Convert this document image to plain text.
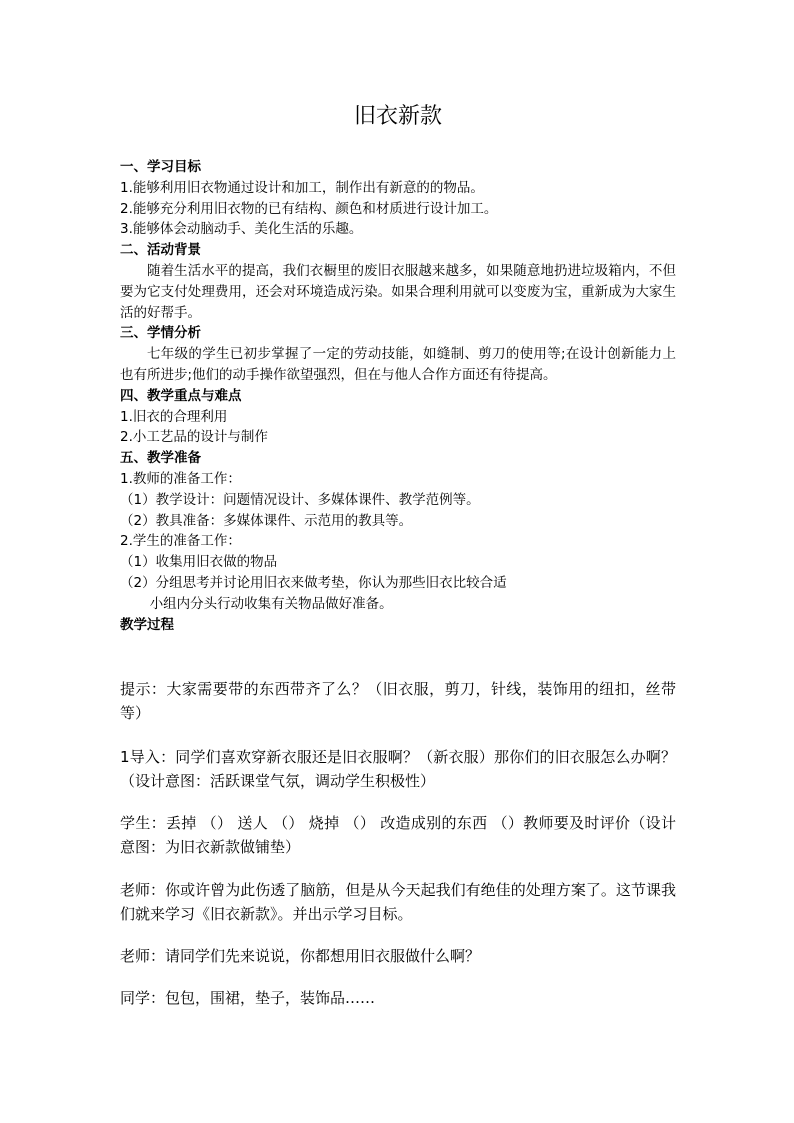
旧衣新款
一、学习目标
1.能够利用旧衣物通过设计和加工，制作出有新意的的物品。
2.能够充分利用旧衣物的已有结构、颜色和材质进行设计加工。
3.能够体会动脑动手、美化生活的乐趣。
二、活动背景
随着生活水平的提高，我们衣橱里的废旧衣服越来越多，如果随意地扔进垃圾箱内，不但要为它支付处理费用，还会对环境造成污染。如果合理利用就可以变废为宝，重新成为大家生活的好帮手。
三、学情分析
七年级的学生已初步掌握了一定的劳动技能，如缝制、剪刀的使用等;在设计创新能力上也有所进步;他们的动手操作欲望强烈，但在与他人合作方面还有待提高。
四、教学重点与难点
1.旧衣的合理利用
2.小工艺品的设计与制作
五、教学准备
1.教师的准备工作：
（1）教学设计：问题情况设计、多媒体课件、教学范例等。
（2）教具准备：多媒体课件、示范用的教具等。
2.学生的准备工作：
（1）收集用旧衣做的物品
（2）分组思考并讨论用旧衣来做考垫，你认为那些旧衣比较合适
小组内分头行动收集有关物品做好准备。
教学过程
提示：大家需要带的东西带齐了么？（旧衣服，剪刀，针线，装饰用的纽扣，丝带等）
1导入：同学们喜欢穿新衣服还是旧衣服啊？（新衣服）那你们的旧衣服怎么办啊？（设计意图：活跃课堂气氛，调动学生积极性）
学生：丢掉 （） 送人 （） 烧掉 （） 改造成别的东西 （）教师要及时评价（设计意图：为旧衣新款做铺垫）
老师：你或许曾为此伤透了脑筋，但是从今天起我们有绝佳的处理方案了。这节课我们就来学习《旧衣新款》。并出示学习目标。
老师：请同学们先来说说，你都想用旧衣服做什么啊？
同学：包包，围裙，垫子，装饰品……
